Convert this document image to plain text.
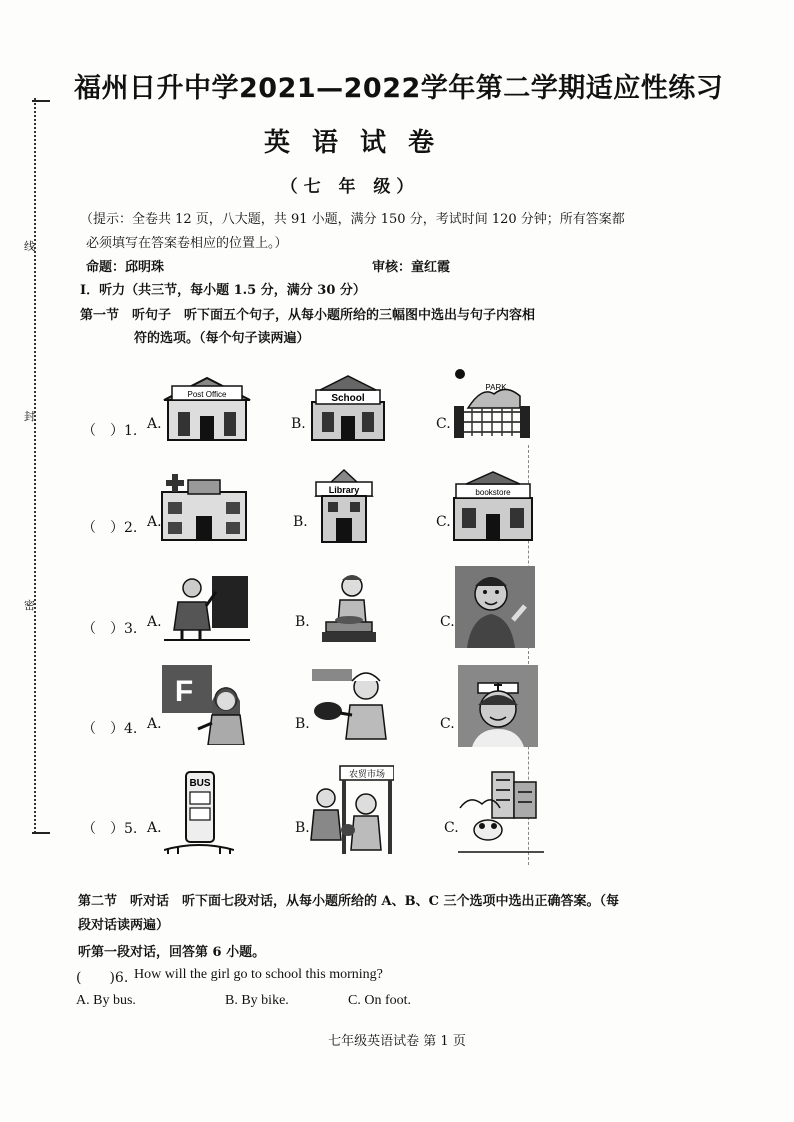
福州日升中学2021—2022学年第二学期适应性练习
英语试卷
（七 年 级）
线
封
密
（提示：全卷共 12 页，八大题，共 91 小题，满分 150 分，考试时间 120 分钟；所有答案都
必须填写在答案卷相应的位置上。）
命题：邱明珠	审核：童红霞
I．听力（共三节，每小题 1.5 分，满分 30 分）
第一节　听句子　听下面五个句子，从每小题所给的三幅图中选出与句子内容相
符的选项。（每个句子读两遍）
（　）1. A.	B.	C.
Post Office	School
PARK
（　）2. A.	B.	C.
Library	bookstore
（　）3. A.	B.	C.
（　）4. A.	B.	C.
F
（　）5. A.	B.	C.
BUS
农贸市场
第二节　听对话　听下面七段对话，从每小题所给的 A、B、C 三个选项中选出正确答案。（每
段对话读两遍）
听第一段对话，回答第 6 小题。
(　　)6. How will the girl go to school this morning?
A. By bus.	B. By bike.	C. On foot.
七年级英语试卷 第 1 页
